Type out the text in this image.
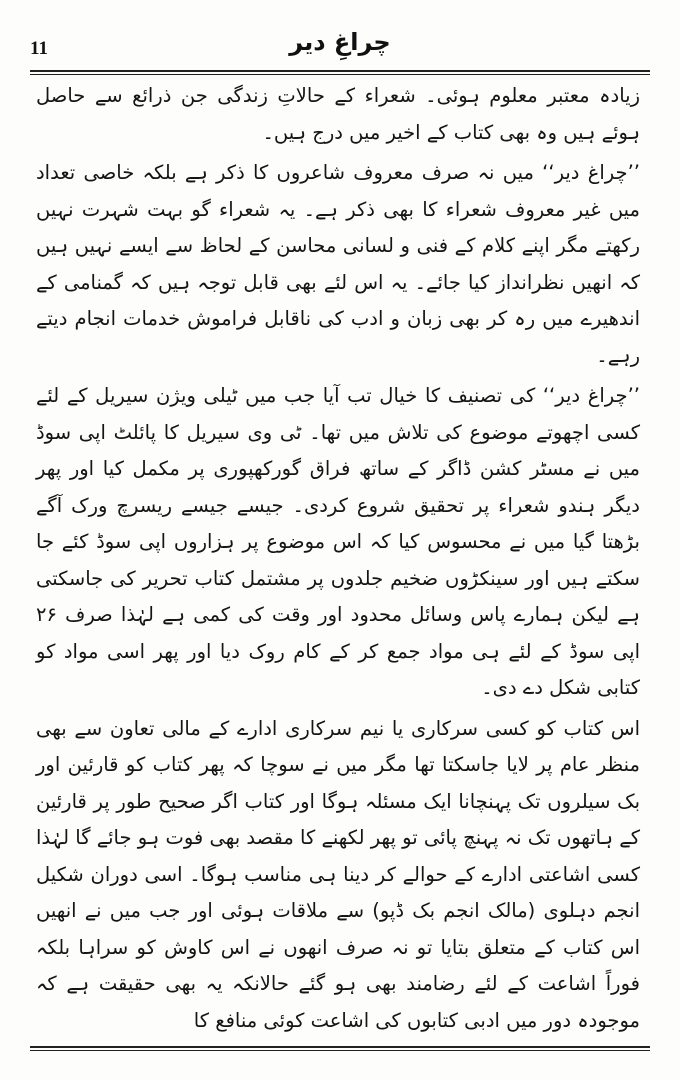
11	چراغِ دیر

زیادہ معتبر معلوم ہوئی۔ شعراء کے حالاتِ زندگی جن ذرائع سے حاصل ہوئے ہیں وہ بھی کتاب کے اخیر میں درج ہیں۔

’’چراغ دیر‘‘ میں نہ صرف معروف شاعروں کا ذکر ہے بلکہ خاصی تعداد میں غیر معروف شعراء کا بھی ذکر ہے۔ یہ شعراء گو بہت شہرت نہیں رکھتے مگر اپنے کلام کے فنی و لسانی محاسن کے لحاظ سے ایسے نہیں ہیں کہ انھیں نظرانداز کیا جائے۔ یہ اس لئے بھی قابل توجہ ہیں کہ گمنامی کے اندھیرے میں رہ کر بھی زبان و ادب کی ناقابل فراموش خدمات انجام دیتے رہے۔

’’چراغ دیر‘‘ کی تصنیف کا خیال تب آیا جب میں ٹیلی ویژن سیریل کے لئے کسی اچھوتے موضوع کی تلاش میں تھا۔ ٹی وی سیریل کا پائلٹ اپی سوڈ میں نے مسٹر کشن ڈاگر کے ساتھ فراق گورکھپوری پر مکمل کیا اور پھر دیگر ہندو شعراء پر تحقیق شروع کردی۔ جیسے جیسے ریسرچ ورک آگے بڑھتا گیا میں نے محسوس کیا کہ اس موضوع پر ہزاروں اپی سوڈ کئے جا سکتے ہیں اور سینکڑوں ضخیم جلدوں پر مشتمل کتاب تحریر کی جاسکتی ہے لیکن ہمارے پاس وسائل محدود اور وقت کی کمی ہے لہٰذا صرف ۲۶ اپی سوڈ کے لئے ہی مواد جمع کر کے کام روک دیا اور پھر اسی مواد کو کتابی شکل دے دی۔

اس کتاب کو کسی سرکاری یا نیم سرکاری ادارے کے مالی تعاون سے بھی منظر عام پر لایا جاسکتا تھا مگر میں نے سوچا کہ پھر کتاب کو قارئین اور بک سیلروں تک پہنچانا ایک مسئلہ ہوگا اور کتاب اگر صحیح طور پر قارئین کے ہاتھوں تک نہ پہنچ پائی تو پھر لکھنے کا مقصد بھی فوت ہو جائے گا لہٰذا کسی اشاعتی ادارے کے حوالے کر دینا ہی مناسب ہوگا۔ اسی دوران شکیل انجم دہلوی (مالک انجم بک ڈپو) سے ملاقات ہوئی اور جب میں نے انھیں اس کتاب کے متعلق بتایا تو نہ صرف انھوں نے اس کاوش کو سراہا بلکہ فوراً اشاعت کے لئے رضامند بھی ہو گئے حالانکہ یہ بھی حقیقت ہے کہ موجودہ دور میں ادبی کتابوں کی اشاعت کوئی منافع کا
